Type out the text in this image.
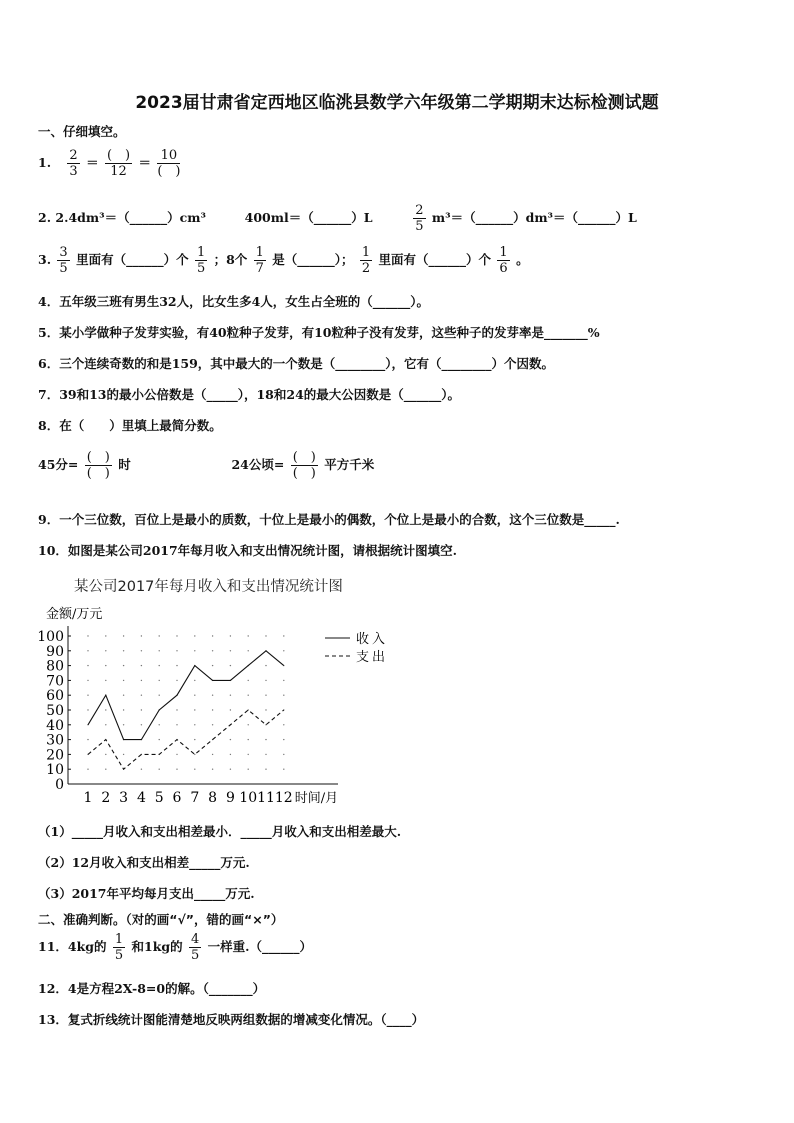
2023届甘肃省定西地区临洮县数学六年级第二学期期末达标检测试题
一、仔细填空。
1. $\frac{2}{3} = \frac{( )}{12} = \frac{10}{( )}$
2. 2.4dm³＝（______）cm³	400ml＝（______）L	$\frac{2}{5}$ m³＝（______）dm³＝（______）L
3. $\frac{3}{5}$ 里面有（______）个 $\frac{1}{5}$ ；8个 $\frac{1}{7}$ 是（______）； $\frac{1}{2}$ 里面有（______）个 $\frac{1}{6}$ 。
4．五年级三班有男生32人，比女生多4人，女生占全班的（______）。
5．某小学做种子发芽实验，有40粒种子发芽，有10粒种子没有发芽，这些种子的发芽率是_______%
6．三个连续奇数的和是159，其中最大的一个数是（________），它有（________）个因数。
7．39和13的最小公倍数是（_____），18和24的最大公因数是（______）。
8．在（　　）里填上最简分数。
45分= $\frac{( )}{( )}$ 时	24公顷= $\frac{( )}{( )}$ 平方千米
9．一个三位数，百位上是最小的质数，十位上是最小的偶数，个位上是最小的合数，这个三位数是_____.
10．如图是某公司2017年每月收入和支出情况统计图，请根据统计图填空.
某公司2017年每月收入和支出情况统计图
0
10
20
30
40
50
60
70
80
90
100
1 2 3 4 5 6 7 8 9 10 11 12 时间/月
金额/万元
收入
支出
（1）_____月收入和支出相差最小．_____月收入和支出相差最大.
（2）12月收入和支出相差_____万元.
（3）2017年平均每月支出_____万元.
二、准确判断。（对的画“√”，错的画“×”）
11．4kg的 $\frac{1}{5}$ 和1kg的 $\frac{4}{5}$ 一样重.（______）
12．4是方程2X-8=0的解。（_______）
13．复式折线统计图能清楚地反映两组数据的增减变化情况。（____）
